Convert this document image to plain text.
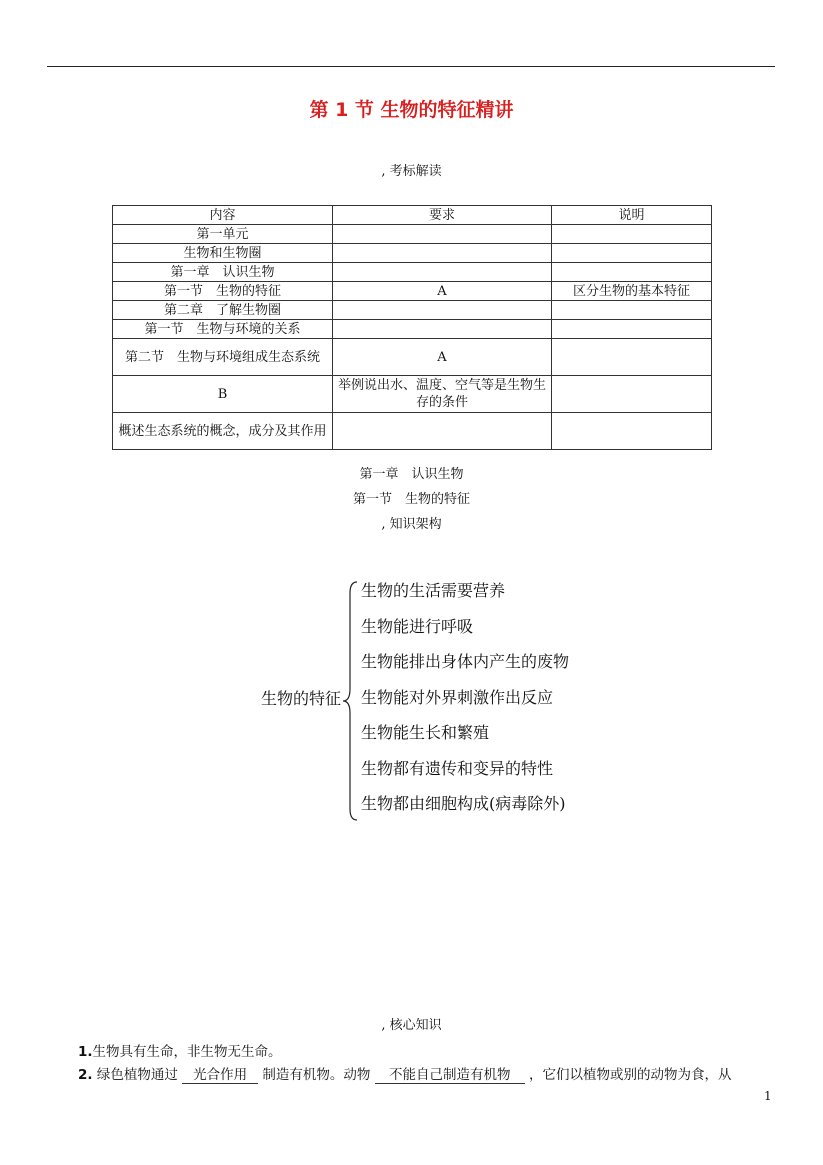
第 1 节 生物的特征精讲
, 考标解读
内容	要求	说明
第一单元		
生物和生物圈		
第一章　认识生物		
第一节　生物的特征	A	区分生物的基本特征
第二章　了解生物圈		
第一节　生物与环境的关系		
第二节　生物与环境组成生态系统	A	
B	举例说出水、温度、空气等是生物生存的条件	
概述生态系统的概念，成分及其作用		
第一章　认识生物
第一节　生物的特征
, 知识架构
生物的特征
生物的生活需要营养
生物能进行呼吸
生物能排出身体内产生的废物
生物能对外界刺激作出反应
生物能生长和繁殖
生物都有遗传和变异的特性
生物都由细胞构成(病毒除外)
, 核心知识
1.生物具有生命，非生物无生命。
2. 绿色植物通过 光合作用 制造有机物。动物 不能自己制造有机物 ，它们以植物或别的动物为食，从
1
